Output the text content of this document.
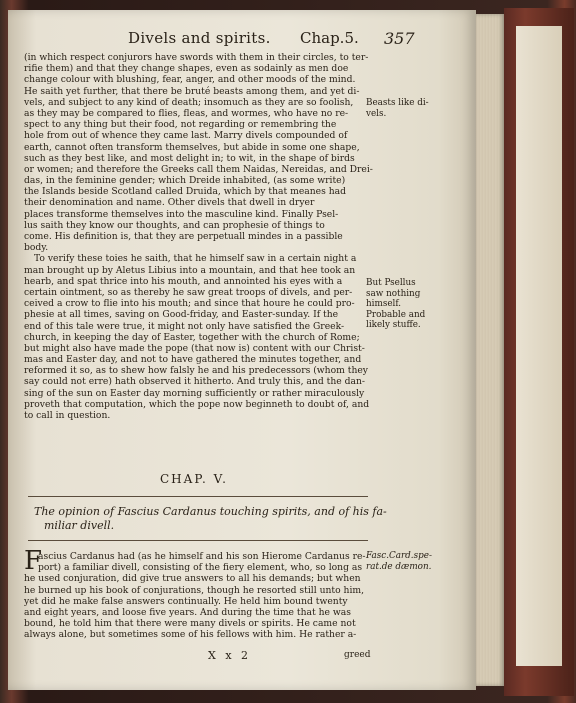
Divels and spirits. Chap.5. 357
(in which respect conjurors have swords with them in their circles, to ter-
rifie them) and that they change shapes, even as sodainly as men doe
change colour with blushing, fear, anger, and other moods of the mind.
He saith yet further, that there be bruté beasts among them, and yet di-
vels, and subject to any kind of death; insomuch as they are so foolish,
as they may be compared to flies, fleas, and wormes, who have no re-
spect to any thing but their food, not regarding or remembring the
hole from out of whence they came last. Marry divels compounded of
earth, cannot often transform themselves, but abide in some one shape,
such as they best like, and most delight in; to wit, in the shape of birds
or women; and therefore the Greeks call them Naidas, Nereidas, and Drei-
das, in the feminine gender; which Dreide inhabited, (as some write)
the Islands beside Scotland called Druida, which by that meanes had
their denomination and name. Other divels that dwell in dryer
places transforme themselves into the masculine kind. Finally Psel-
lus saith they know our thoughts, and can prophesie of things to
come. His definition is, that they are perpetuall mindes in a passible
body.
To verify these toies he saith, that he himself saw in a certain night a
man brought up by Aletus Libius into a mountain, and that hee took an
hearb, and spat thrice into his mouth, and annointed his eyes with a
certain ointment, so as thereby he saw great troops of divels, and per-
ceived a crow to flie into his mouth; and since that houre he could pro-
phesie at all times, saving on Good-friday, and Easter-sunday. If the
end of this tale were true, it might not only have satisfied the Greek-
church, in keeping the day of Easter, together with the church of Rome;
but might also have made the pope (that now is) content with our Christ-
mas and Easter day, and not to have gathered the minutes together, and
reformed it so, as to shew how falsly he and his predecessors (whom they
say could not erre) hath observed it hitherto. And truly this, and the dan-
sing of the sun on Easter day morning sufficiently or rather miraculously
proveth that computation, which the pope now beginneth to doubt of, and
to call in question.
Beasts like di-
vels.
But Psellus
saw nothing
himself.
Probable and
likely stuffe.
CHAP. V.
The opinion of Fascius Cardanus touching spirits, and of his fa-
miliar divell.
F
ascius Cardanus had (as he himself and his son Hierome Cardanus re-
port) a familiar divell, consisting of the fiery element, who, so long as
he used conjuration, did give true answers to all his demands; but when
he burned up his book of conjurations, though he resorted still unto him,
yet did he make false answers continually. He held him bound twenty
and eight years, and loose five years. And during the time that he was
bound, he told him that there were many divels or spirits. He came not
always alone, but sometimes some of his fellows with him. He rather a-
Fasc.Card.spe-
rat.de dæmon.
X x 2	greed
